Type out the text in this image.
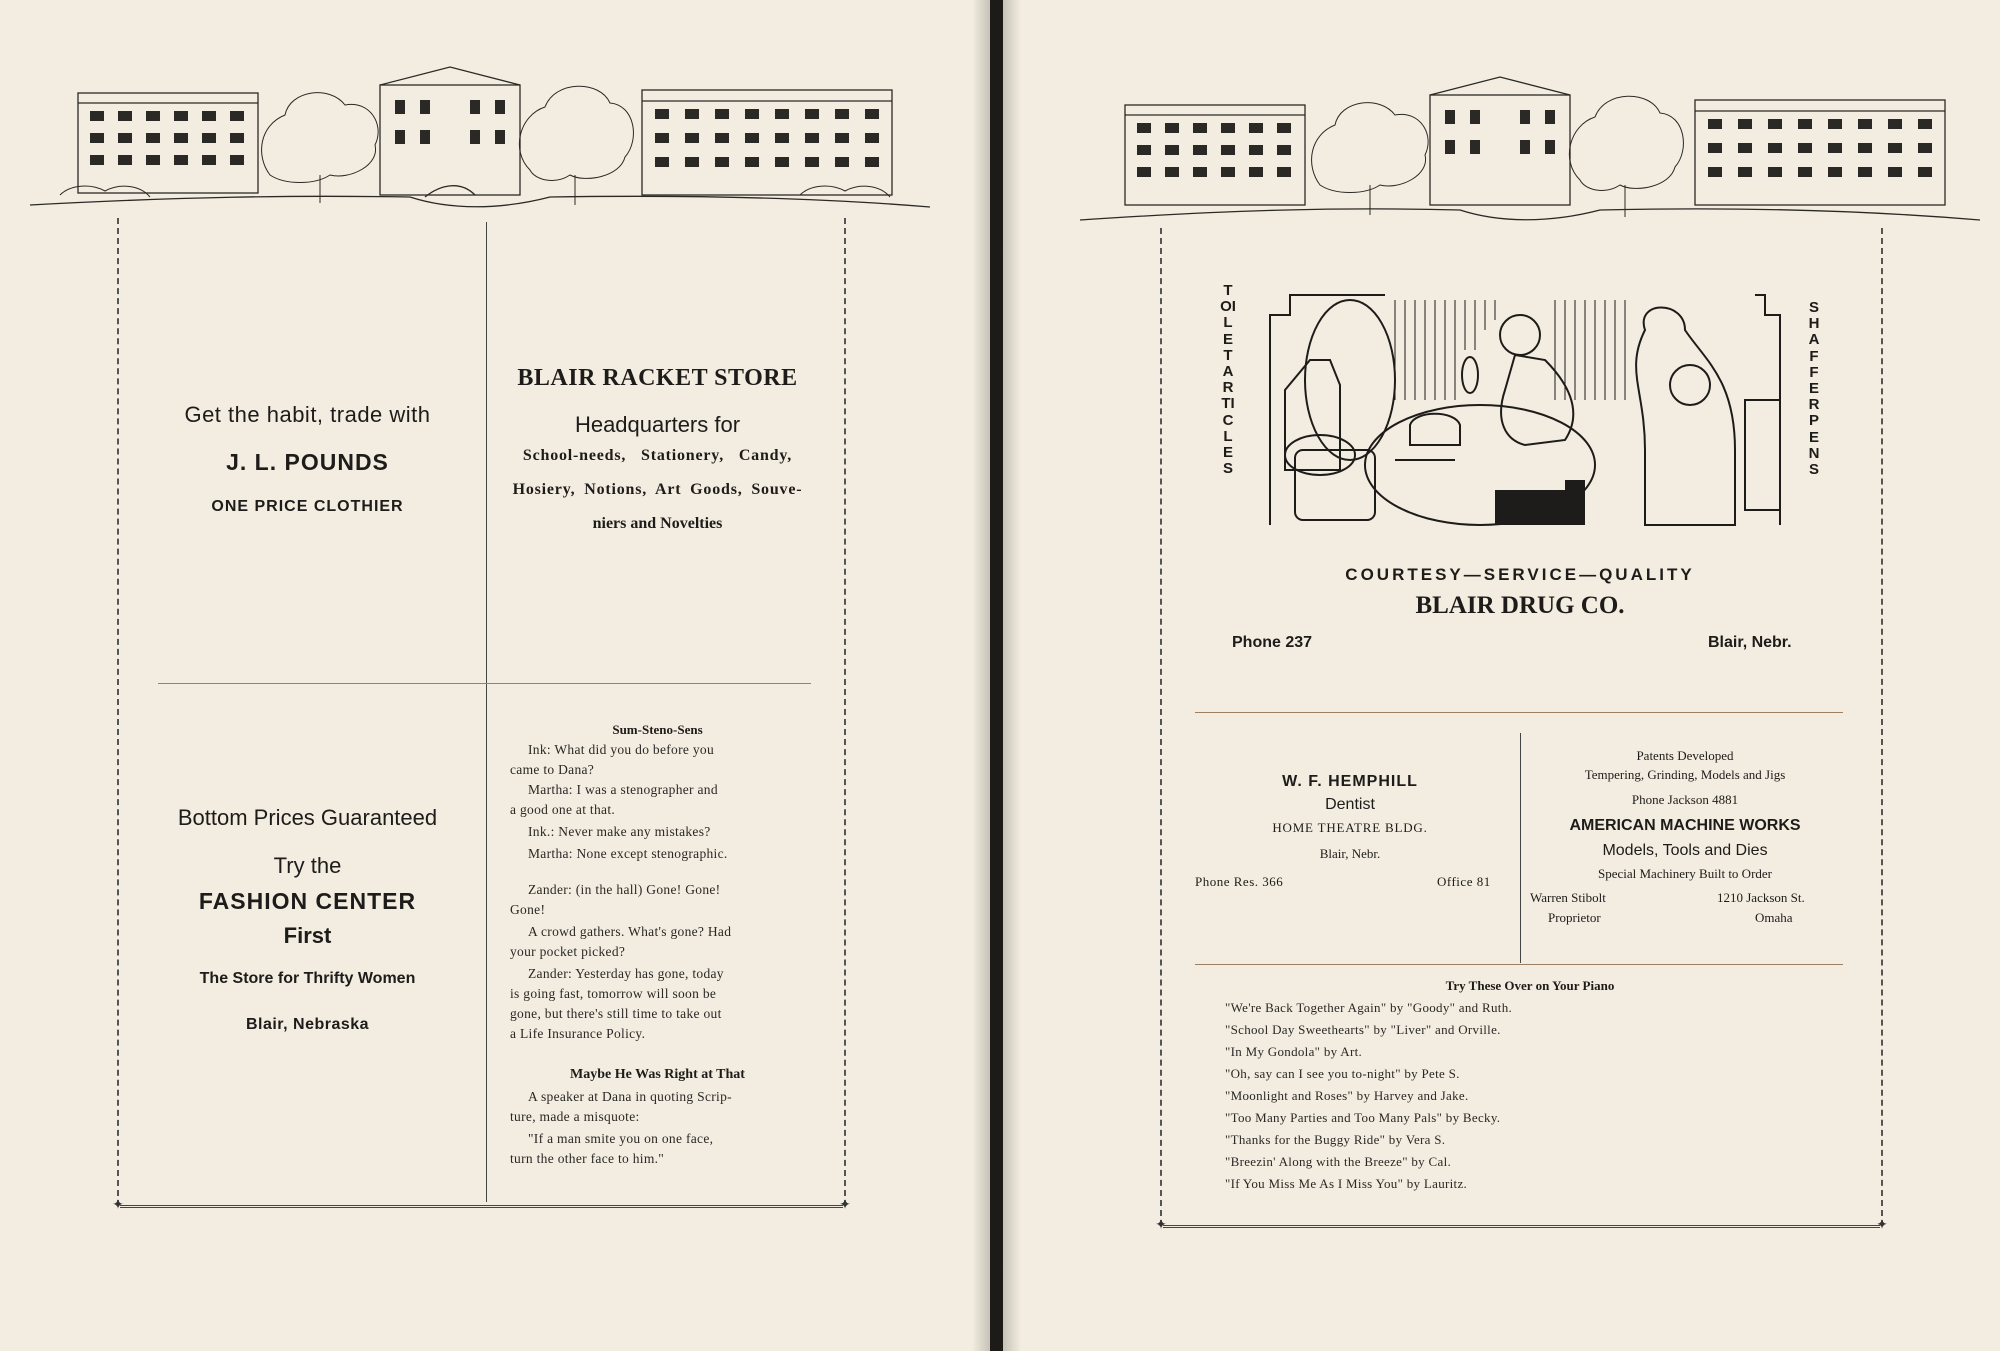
✦	✦
Get the habit, trade with
J. L. POUNDS
ONE PRICE CLOTHIER
BLAIR RACKET STORE
Headquarters for
School-needs, Stationery, Candy,
Hosiery, Notions, Art Goods, Souve-
niers and Novelties
Bottom Prices Guaranteed
Try the
FASHION CENTER
First
The Store for Thrifty Women
Blair, Nebraska
Sum-Steno-Sens
Ink: What did you do before you
came to Dana?
Martha: I was a stenographer and
a good one at that.
Ink.: Never make any mistakes?
Martha: None except stenographic.
Zander: (in the hall) Gone! Gone!
Gone!
A crowd gathers. What's gone? Had
your pocket picked?
Zander: Yesterday has gone, today
is going fast, tomorrow will soon be
gone, but there's still time to take out
a Life Insurance Policy.
Maybe He Was Right at That
A speaker at Dana in quoting Scrip-
ture, made a misquote:
"If a man smite you on one face,
turn the other face to him."
✦	✦
TOILET ARTICLES
SHAFFER PENS
COURTESY—SERVICE—QUALITY
BLAIR DRUG CO.
Phone 237	Blair, Nebr.
W. F. HEMPHILL
Dentist
HOME THEATRE BLDG.
Blair, Nebr.
Phone Res. 366	Office 81
Patents Developed
Tempering, Grinding, Models and Jigs
Phone Jackson 4881
AMERICAN MACHINE WORKS
Models, Tools and Dies
Special Machinery Built to Order
Warren Stibolt
Proprietor
1210 Jackson St.
Omaha
Try These Over on Your Piano
"We're Back Together Again" by "Goody" and Ruth.
"School Day Sweethearts" by "Liver" and Orville.
"In My Gondola" by Art.
"Oh, say can I see you to-night" by Pete S.
"Moonlight and Roses" by Harvey and Jake.
"Too Many Parties and Too Many Pals" by Becky.
"Thanks for the Buggy Ride" by Vera S.
"Breezin' Along with the Breeze" by Cal.
"If You Miss Me As I Miss You" by Lauritz.
